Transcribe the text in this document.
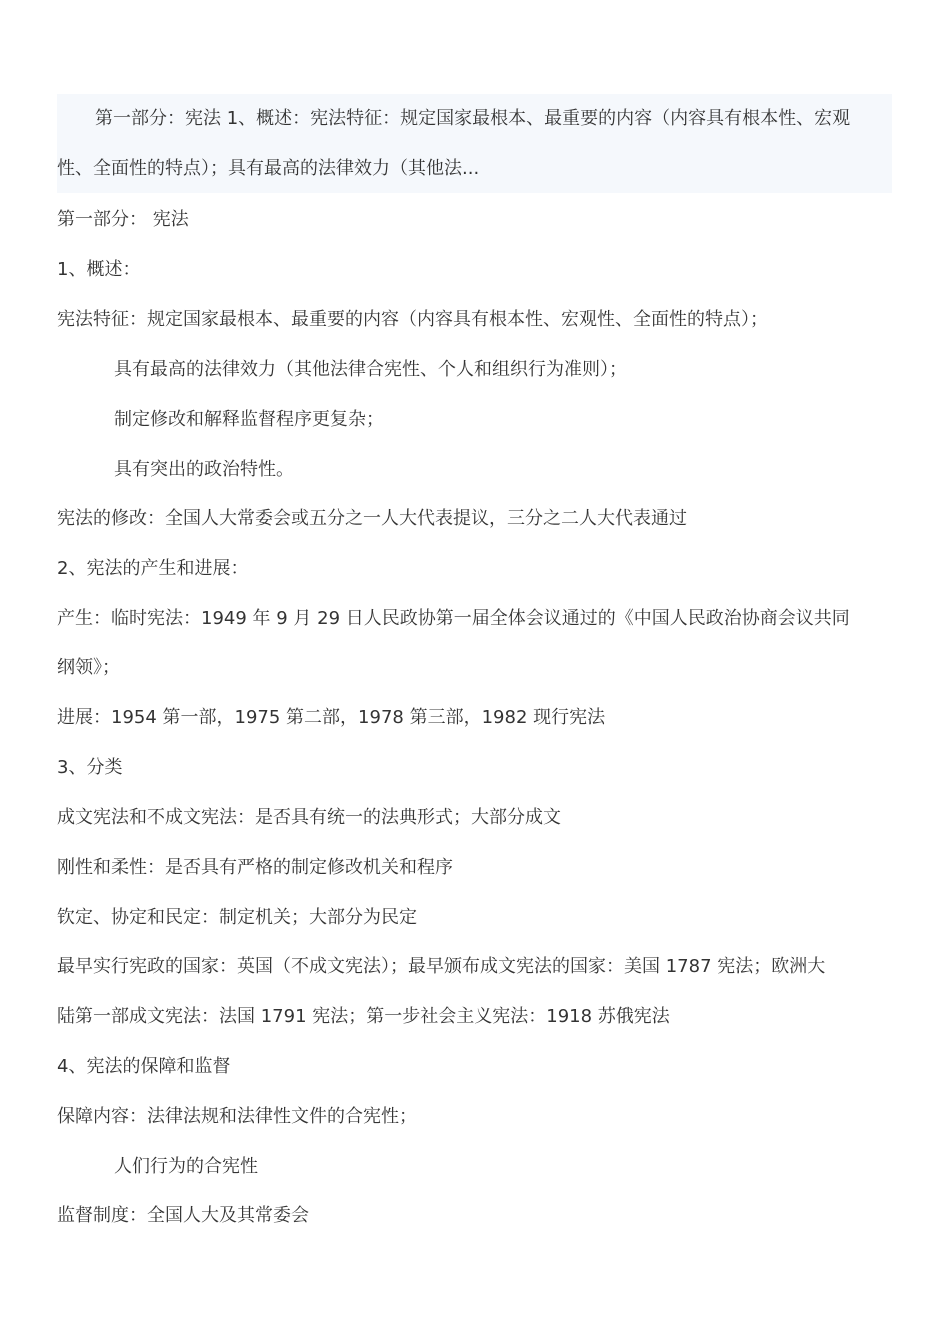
第一部分：宪法 1、概述：宪法特征：规定国家最根本、最重要的内容（内容具有根本性、宏观性、全面性的特点）；具有最高的法律效力（其他法...

第一部分： 宪法
1、概述：
宪法特征：规定国家最根本、最重要的内容（内容具有根本性、宏观性、全面性的特点）；
具有最高的法律效力（其他法律合宪性、个人和组织行为准则）；
制定修改和解释监督程序更复杂；
具有突出的政治特性。
宪法的修改：全国人大常委会或五分之一人大代表提议，三分之二人大代表通过
2、宪法的产生和进展：
产生：临时宪法：1949 年 9 月 29 日人民政协第一届全体会议通过的《中国人民政治协商会议共同
纲领》；
进展：1954 第一部，1975 第二部，1978 第三部，1982 现行宪法
3、分类
成文宪法和不成文宪法：是否具有统一的法典形式；大部分成文
刚性和柔性：是否具有严格的制定修改机关和程序
钦定、协定和民定：制定机关；大部分为民定
最早实行宪政的国家：英国（不成文宪法）；最早颁布成文宪法的国家：美国 1787 宪法；欧洲大
陆第一部成文宪法：法国 1791 宪法；第一步社会主义宪法：1918 苏俄宪法
4、宪法的保障和监督
保障内容：法律法规和法律性文件的合宪性；
人们行为的合宪性
监督制度：全国人大及其常委会
